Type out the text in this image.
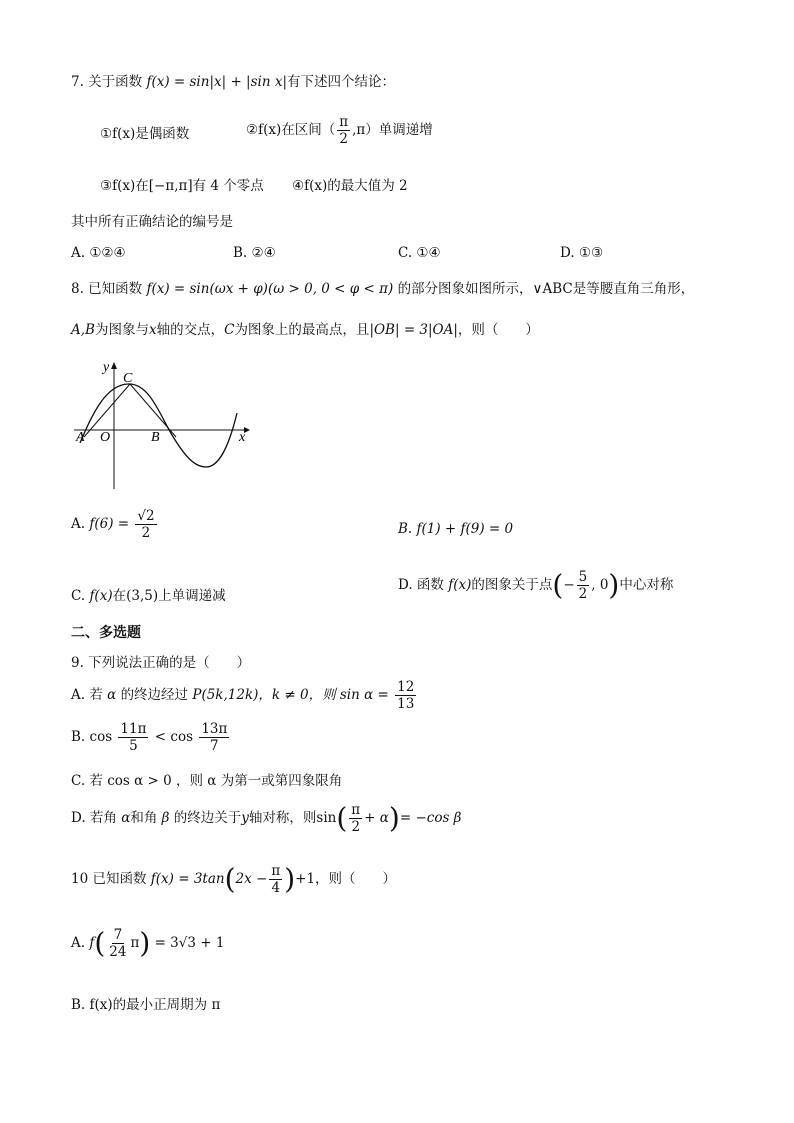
7. 关于函数 f(x) = sin|x| + |sin x|有下述四个结论：
①f(x)是偶函数	②f(x)在区间（ $\frac{\pi}{2} ,\pi$）单调递增
③f(x)在[−π,π]有 4 个零点 ④f(x)的最大值为 2
其中所有正确结论的编号是
A. ①②④	B. ②④	C. ①④	D. ①③
8. 已知函数 f(x) = sin(ωx + φ)(ω > 0, 0 < φ < π) 的部分图象如图所示，∨ABC是等腰直角三角形，
A,B为图象与x轴的交点，C为图象上的最高点，且|OB| = 3|OA|，则（　　）
y
C
A O	B	x
A. $f(6) = \frac{√2}{2}$	B. f(1) + f(9) = 0
C. f(x)在(3,5)上单调递减
D. 函数 f(x)的图象关于点(− $\frac{5}{2}$ , 0)中心对称
二、多选题
9. 下列说法正确的是（　　）
A. 若 α 的终边经过 P(5k,12k)，k ≠ 0，则 $\sin \alpha = \frac{12}{13}$
B. $\cos \frac{11\pi}{5} < \cos \frac{13\pi}{7}$
C. 若 cos α > 0 ，则 α 为第一或第四象限角
D. 若角 α和角 β 的终边关于y轴对称，则$\sin( \frac{\pi}{2} + \alpha)= -\cos$ β
10 已知函数 $f(x) = 3\tan(2x - \frac{\pi}{4} )+1$，则（　　）
A. $f( \frac{7}{24} \pi) = 3√3 + 1$
B. f(x)的最小正周期为 π
